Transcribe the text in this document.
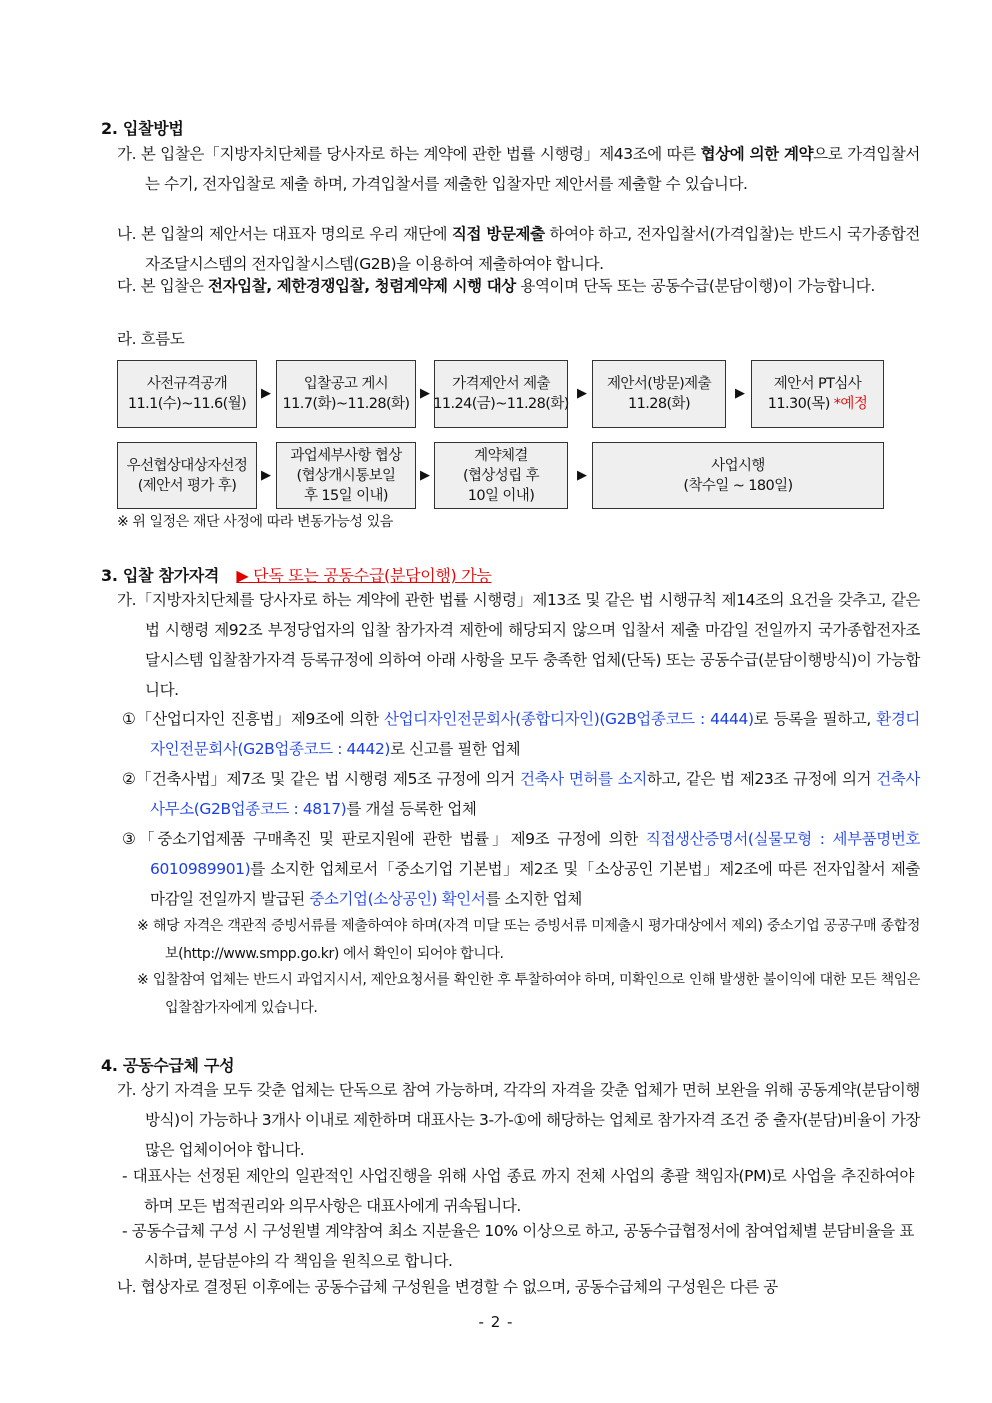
2. 입찰방법
가. 본 입찰은「지방자치단체를 당사자로 하는 계약에 관한 법률 시행령」제43조에 따른 협상에 의한 계약으로 가격입찰서는 수기, 전자입찰로 제출 하며, 가격입찰서를 제출한 입찰자만 제안서를 제출할 수 있습니다.
나. 본 입찰의 제안서는 대표자 명의로 우리 재단에 직접 방문제출 하여야 하고, 전자입찰서(가격입찰)는 반드시 국가종합전자조달시스템의 전자입찰시스템(G2B)을 이용하여 제출하여야 합니다.
다. 본 입찰은 전자입찰, 제한경쟁입찰, 청렴계약제 시행 대상 용역이며 단독 또는 공동수급(분담이행)이 가능합니다.
라. 흐름도
사전규격공개
11.1(수)~11.6(월)
▶
입찰공고 게시
11.7(화)~11.28(화)
▶
가격제안서 제출
11.24(금)~11.28(화)
▶
제안서(방문)제출
11.28(화)
▶
제안서 PT심사
11.30(목) *예정
우선협상대상자선정
(제안서 평가 후)
▶
과업세부사항 협상
(협상개시통보일
후 15일 이내)
▶
계약체결
(협상성립 후
10일 이내)
▶
사업시행
(착수일 ~ 180일)
※ 위 일정은 재단 사정에 따라 변동가능성 있음
3. 입찰 참가자격 ▶ 단독 또는 공동수급(분담이행) 가능
가.「지방자치단체를 당사자로 하는 계약에 관한 법률 시행령」제13조 및 같은 법 시행규칙 제14조의 요건을 갖추고, 같은 법 시행령 제92조 부정당업자의 입찰 참가자격 제한에 해당되지 않으며 입찰서 제출 마감일 전일까지 국가종합전자조달시스템 입찰참가자격 등록규정에 의하여 아래 사항을 모두 충족한 업체(단독) 또는 공동수급(분담이행방식)이 가능합니다.
①「산업디자인 진흥법」제9조에 의한 산업디자인전문회사(종합디자인)(G2B업종코드 : 4444)로 등록을 필하고, 환경디자인전문회사(G2B업종코드 : 4442)로 신고를 필한 업체
②「건축사법」제7조 및 같은 법 시행령 제5조 규정에 의거 건축사 면허를 소지하고, 같은 법 제23조 규정에 의거 건축사사무소(G2B업종코드 : 4817)를 개설 등록한 업체
③「중소기업제품 구매촉진 및 판로지원에 관한 법률」제9조 규정에 의한 직접생산증명서(실물모형 : 세부품명번호 6010989901)를 소지한 업체로서「중소기업 기본법」제2조 및「소상공인 기본법」제2조에 따른 전자입찰서 제출 마감일 전일까지 발급된 중소기업(소상공인) 확인서를 소지한 업체
※ 해당 자격은 객관적 증빙서류를 제출하여야 하며(자격 미달 또는 증빙서류 미제출시 평가대상에서 제외) 중소기업 공공구매 종합정보(http://www.smpp.go.kr) 에서 확인이 되어야 합니다.
※ 입찰참여 업체는 반드시 과업지시서, 제안요청서를 확인한 후 투찰하여야 하며, 미확인으로 인해 발생한 불이익에 대한 모든 책임은 입찰참가자에게 있습니다.
4. 공동수급체 구성
가. 상기 자격을 모두 갖춘 업체는 단독으로 참여 가능하며, 각각의 자격을 갖춘 업체가 면허 보완을 위해 공동계약(분담이행방식)이 가능하나 3개사 이내로 제한하며 대표사는 3-가-①에 해당하는 업체로 참가자격 조건 중 출자(분담)비율이 가장 많은 업체이어야 합니다.
- 대표사는 선정된 제안의 일관적인 사업진행을 위해 사업 종료 까지 전체 사업의 총괄 책임자(PM)로 사업을 추진하여야 하며 모든 법적권리와 의무사항은 대표사에게 귀속됩니다.
- 공동수급체 구성 시 구성원별 계약참여 최소 지분율은 10% 이상으로 하고, 공동수급협정서에 참여업체별 분담비율을 표시하며, 분담분야의 각 책임을 원칙으로 합니다.
나. 협상자로 결정된 이후에는 공동수급체 구성원을 변경할 수 없으며, 공동수급체의 구성원은 다른 공
- 2 -
